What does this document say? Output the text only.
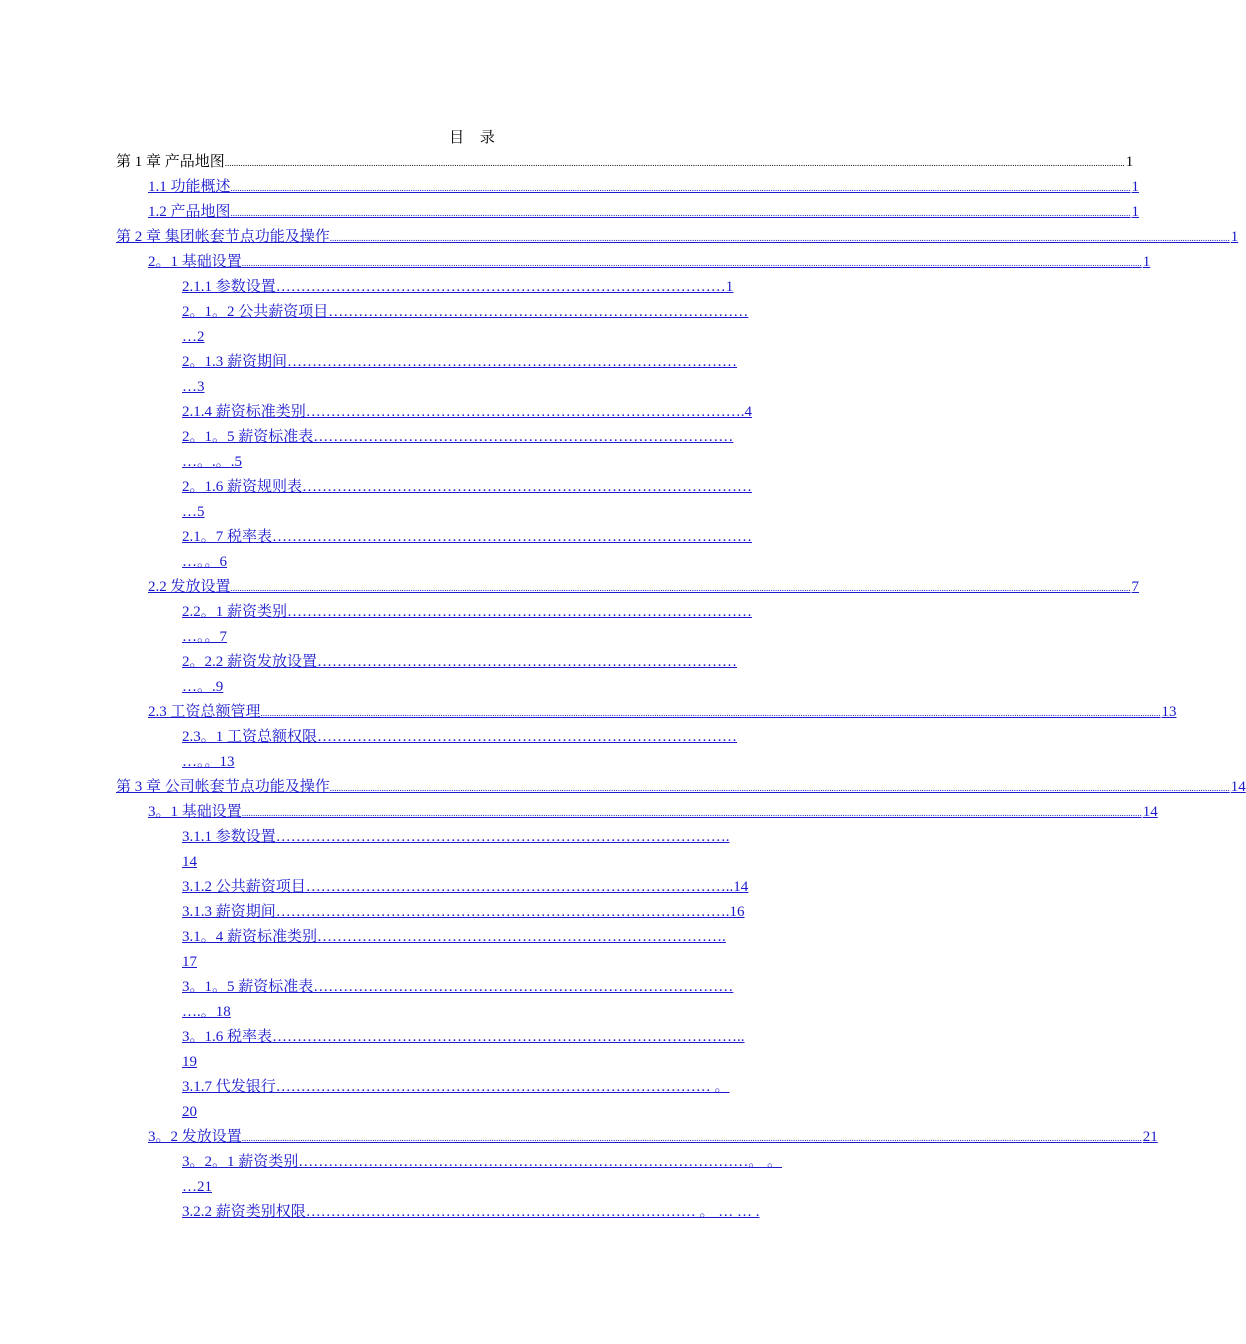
目 录
第 1 章 产品地图 ................................................................................................................................................................................................................................................................................................................................................................................................................ 1
1.1 功能概述 ................................................................................................................................................................................................................................................................................................................................................................................................................ 1
1.2 产品地图 ................................................................................................................................................................................................................................................................................................................................................................................................................ 1
第 2 章 集团帐套节点功能及操作 ................................................................................................................................................................................................................................................................................................................................................................................................................ 1
2。1 基础设置 ................................................................................................................................................................................................................................................................................................................................................................................................................ 1
2.1.1 参数设置………………………………………………………………………………1
2。1。2 公共薪资项目…………………………………………………………………………
…2
2。1.3 薪资期间………………………………………………………………………………
…3
2.1.4 薪资标准类别…………………………………………………………………………….4
2。1。5 薪资标准表…………………………………………………………………………
…。.。.5
2。1.6 薪资规则表………………………………………………………………………………
…5
2.1。7 税率表……………………………………………………………………………………
…。。6
2.2 发放设置 ................................................................................................................................................................................................................................................................................................................................................................................................................ 7
2.2。1 薪资类别…………………………………………………………………………………
…。。7
2。2.2 薪资发放设置…………………………………………………………………………
…。.9
2.3 工资总额管理 ................................................................................................................................................................................................................................................................................................................................................................................................................ 13
2.3。1 工资总额权限…………………………………………………………………………
…。。13
第 3 章 公司帐套节点功能及操作 ................................................................................................................................................................................................................................................................................................................................................................................................................ 14
3。1 基础设置 ................................................................................................................................................................................................................................................................................................................................................................................................................ 14
3.1.1 参数设置……………………………………………………………………………….
14
3.1.2 公共薪资项目…………………………………………………………………………..14
3.1.3 薪资期间……………………………………………………………………………….16
3.1。4 薪资标准类别……………………………………………………………………….
17
3。1。5 薪资标准表…………………………………………………………………………
….。18
3。1.6 税率表…………………………………………………………………………………..
19
3.1.7 代发银行…………………………………………………………………………… 。
20
3。2 发放设置 ................................................................................................................................................................................................................................................................................................................................................................................................................ 21
3。2。1 薪资类别………………………………………………………………………………。 。
…21
3.2.2 薪资类别权限…………………………………………………………………… 。 … … .
